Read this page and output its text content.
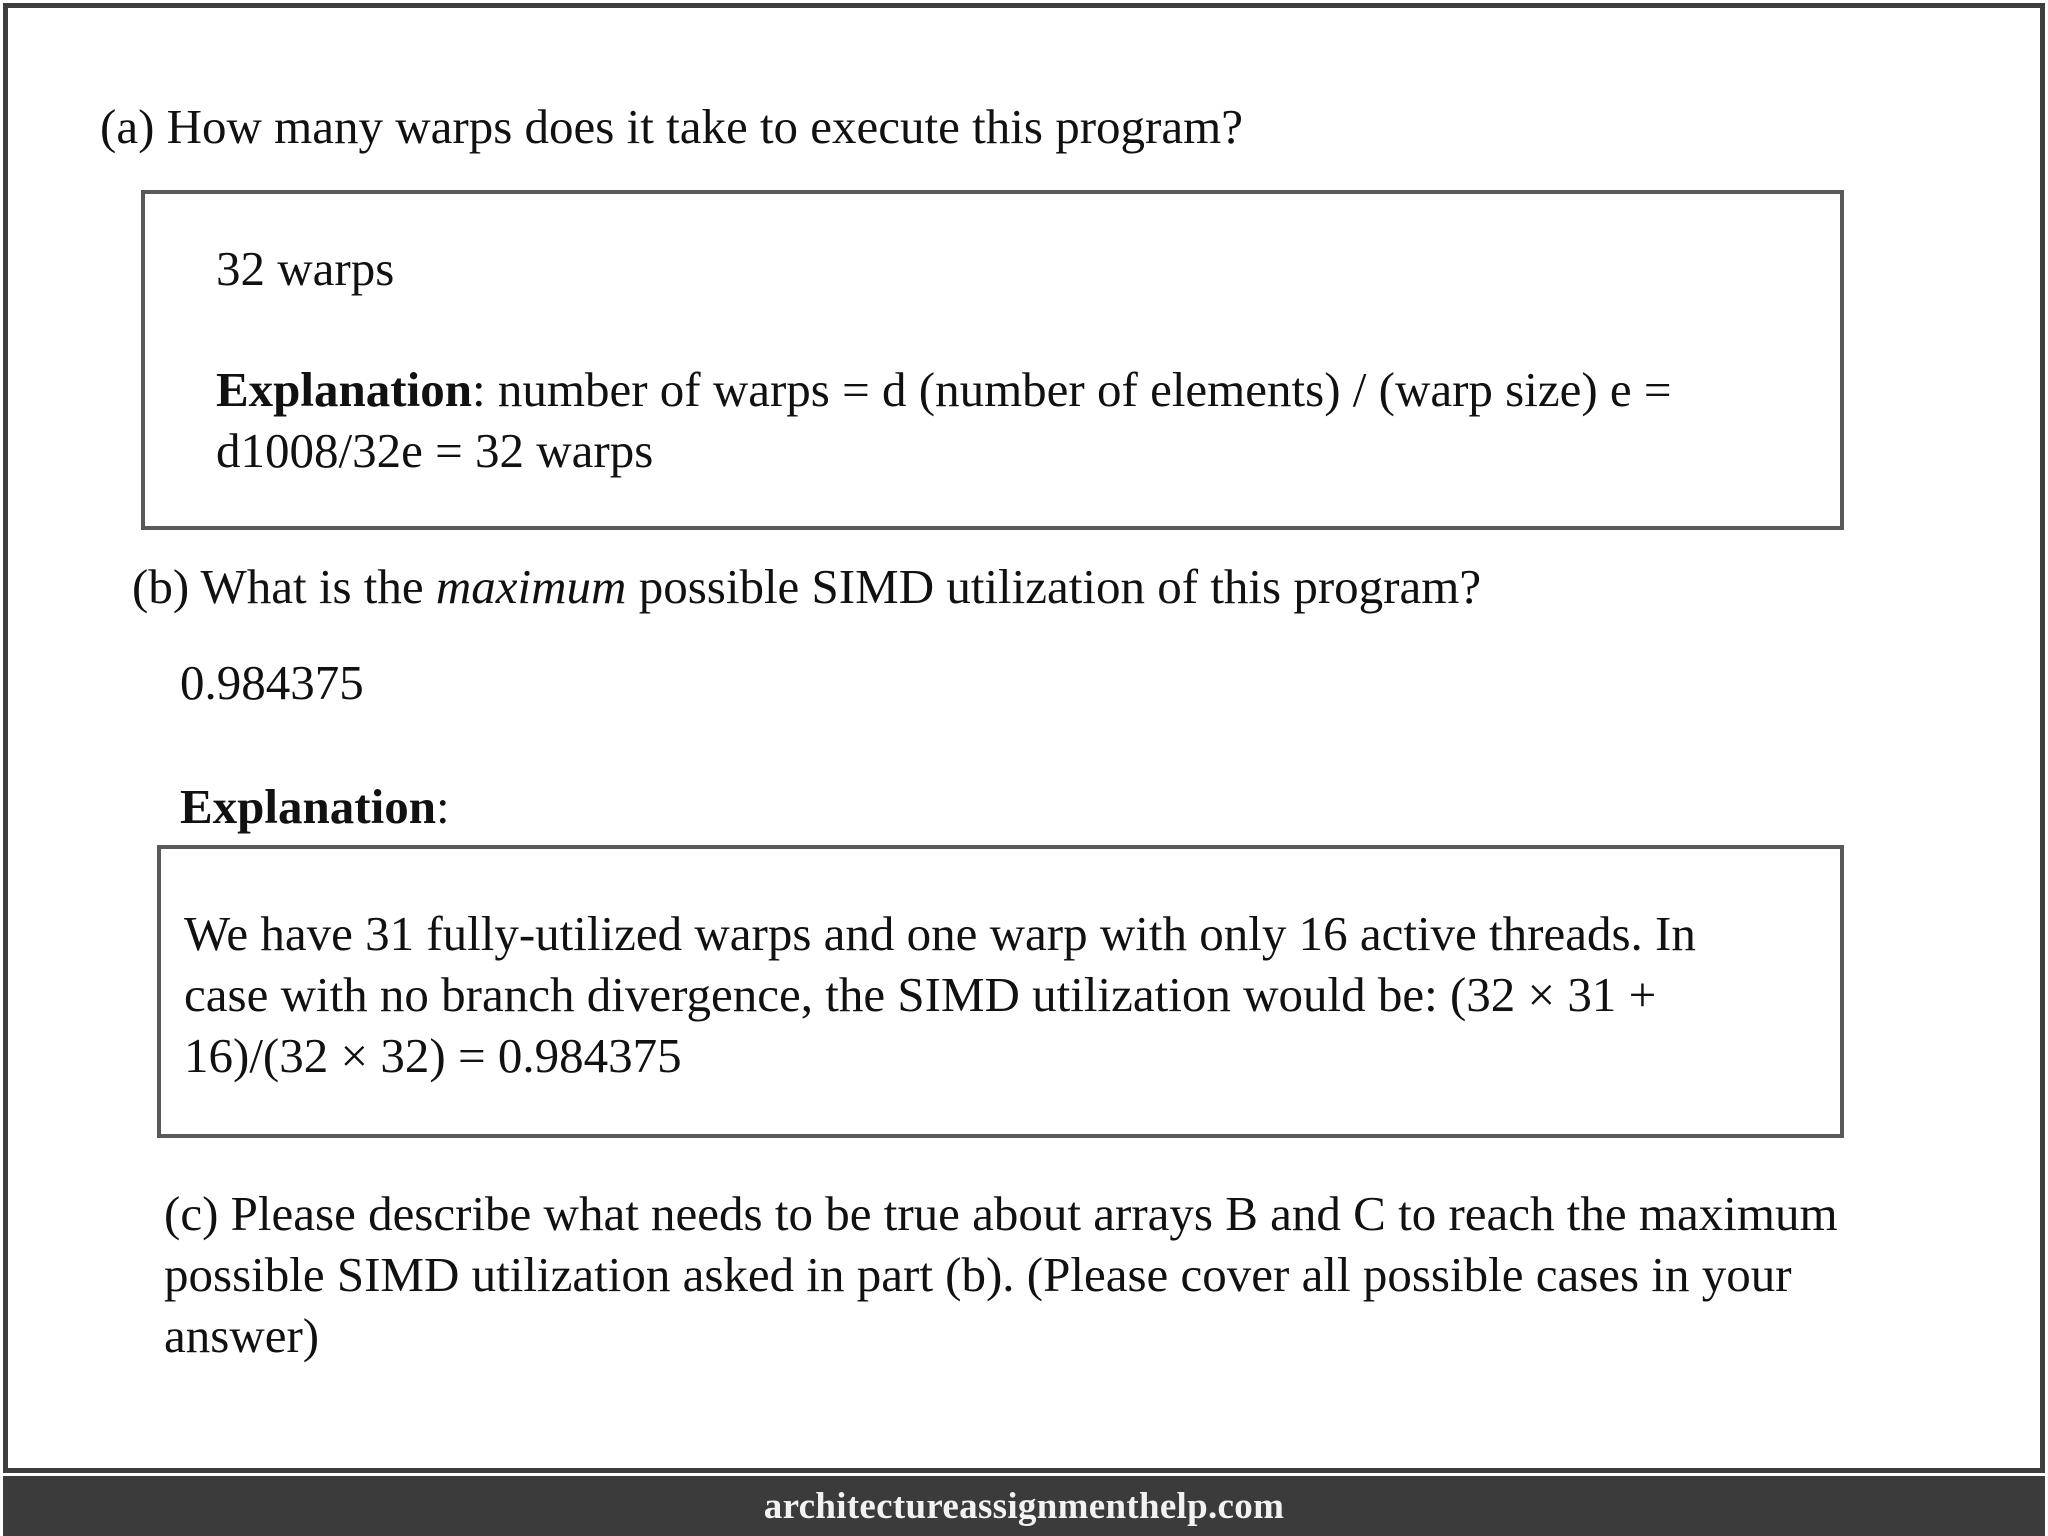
(a) How many warps does it take to execute this program?
32 warps
Explanation: number of warps = d (number of elements) / (warp size) e =
d1008/32e = 32 warps
(b) What is the maximum possible SIMD utilization of this program?
0.984375
Explanation:
We have 31 fully-utilized warps and one warp with only 16 active threads. In
case with no branch divergence, the SIMD utilization would be: (32 × 31 +
16)/(32 × 32) = 0.984375
(c) Please describe what needs to be true about arrays B and C to reach the maximum
possible SIMD utilization asked in part (b). (Please cover all possible cases in your
answer)
architectureassignmenthelp.com
